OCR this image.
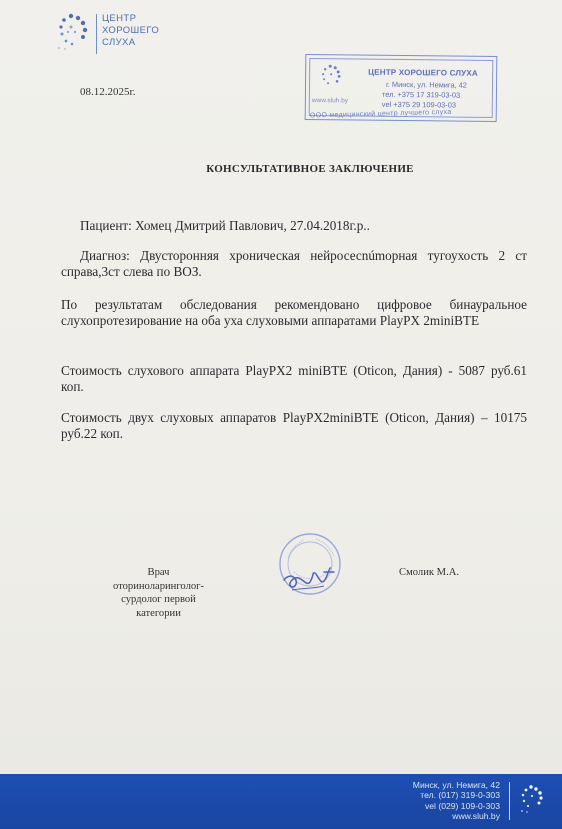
ЦЕНТР
ХОРОШЕГО
СЛУХА
08.12.2025г.
www.sluh.by
ЦЕНТР ХОРОШЕГО СЛУХА
г. Минск, ул. Немига, 42
тел. +375 17 319-03-03
vel +375 29 109-03-03
ООО медицинский центр лучшего слуха
КОНСУЛЬТАТИВНОЕ ЗАКЛЮЧЕНИЕ
Пациент: Хомец Дмитрий Павлович, 27.04.2018г.р..
Диагноз: Двусторонняя хроническая нейросесnúmорная тугоухость 2 ст справа,3ст слева по ВОЗ.
По результатам обследования рекомендовано цифровое бинауральное слухопротезирование на оба уха слуховыми аппаратами PlayPX 2miniBTE
Стоимость слухового аппарата PlayPX2 miniBTE (Oticon, Дания) - 5087 руб.61 коп.
Стоимость двух слуховых аппаратов PlayPX2miniBTE (Oticon, Дания) – 10175 руб.22 коп.
Врач
оториноларинголог-
сурдолог первой
категории
Смолик М.А.
Минск, ул. Немига, 42
тел. (017) 319-0-303
vel (029) 109-0-303
www.sluh.by
